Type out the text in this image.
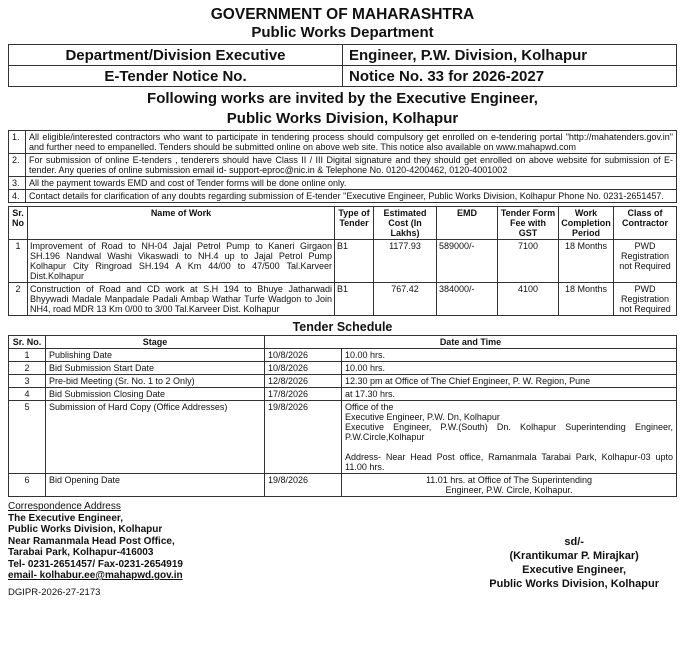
GOVERNMENT OF MAHARASHTRA
Public Works Department
Department/Division Executive	Engineer, P.W. Division, Kolhapur
E-Tender Notice No.	Notice No. 33 for 2026-2027
Following works are invited by the Executive Engineer,
Public Works Division, Kolhapur
1.	All eligible/interested contractors who want to participate in tendering process should compulsory get enrolled on e-tendering portal "http://mahatenders.gov.in" and further need to empanelled. Tenders should be submitted online on above web site. This notice also available on www.mahapwd.com
2.	For submission of online E-tenders , tenderers should have Class II / III Digital signature and they should get enrolled on above website for submission of E-tender. Any queries of online submission email id- support-eproc@nic.in & Telephone No. 0120-4200462, 0120-4001002
3.	All the payment towards EMD and cost of Tender forms will be done online only.
4.	Contact details for clarification of any doubts regarding submission of E-tender "Executive Engineer, Public Works Division, Kolhapur Phone No. 0231-2651457.
Sr. No	Name of Work	Type of Tender	Estimated Cost (In Lakhs)	EMD	Tender Form Fee with GST	Work Completion Period	Class of Contractor
1	Improvement of Road to NH-04 Jajal Petrol Pump to Kaneri Girgaon SH.196 Nandwal Washi Vikaswadi to NH.4 up to Jajal Petrol Pump Kolhapur City Ringroad SH.194 A Km 44/00 to 47/500 Tal.Karveer Dist.Kolhapur	B1	1177.93	589000/-	7100	18 Months	PWD Registration not Required
2	Construction of Road and CD work at S.H 194 to Bhuye Jatharwadi Bhyywadi Madale Manpadale Padali Ambap Wathar Turfe Wadgon to Join NH4, road MDR 13 Km 0/00 to 3/00 Tal.Karveer Dist. Kolhapur	B1	767.42	384000/-	4100	18 Months	PWD Registration not Required
Tender Schedule
Sr. No.	Stage	Date and Time	
1	Publishing Date	10/8/2026	10.00 hrs.
2	Bid Submission Start Date	10/8/2026	10.00 hrs.
3	Pre-bid Meeting (Sr. No. 1 to 2 Only)	12/8/2026	12.30 pm at Office of The Chief Engineer, P. W. Region, Pune
4	Bid Submission Closing Date	17/8/2026	at 17.30 hrs.
5	Submission of Hard Copy (Office Addresses)	19/8/2026	Office of the
Executive Engineer, P.W. Dn, Kolhapur
Executive Engineer, P.W.(South) Dn. Kolhapur Superintending Engineer, P.W.Circle,Kolhapur
Address- Near Head Post office, Ramanmala Tarabai Park, Kolhapur-03 upto 11.00 hrs.

6	Bid Opening Date	19/8/2026	11.01 hrs. at Office of The Superintending Engineer, P.W. Circle, Kolhapur.
Correspondence Address
The Executive Engineer,
Public Works Division, Kolhapur
Near Ramanmala Head Post Office,
Tarabai Park, Kolhapur-416003
Tel- 0231-2651457/ Fax-0231-2654919
email- kolhabur.ee@mahapwd.gov.in
sd/-
(Krantikumar P. Mirajkar)
Executive Engineer,
Public Works Division, Kolhapur
DGIPR-2026-27-2173
